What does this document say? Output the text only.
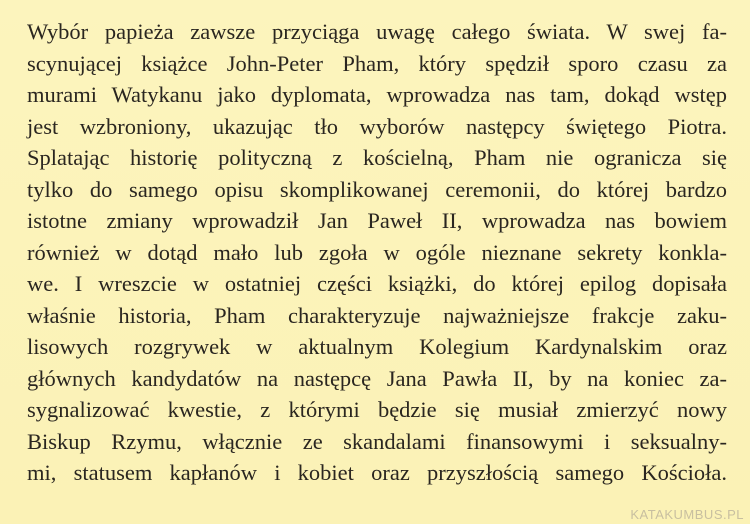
Wybór papieża zawsze przyciąga uwagę całego świata. W swej fa-
scynującej książce John-Peter Pham, który spędził sporo czasu za
murami Watykanu jako dyplomata, wprowadza nas tam, dokąd wstęp
jest wzbroniony, ukazując tło wyborów następcy świętego Piotra.
Splatając historię polityczną z kościelną, Pham nie ogranicza się
tylko do samego opisu skomplikowanej ceremonii, do której bardzo
istotne zmiany wprowadził Jan Paweł II, wprowadza nas bowiem
również w dotąd mało lub zgoła w ogóle nieznane sekrety konkla-
we. I wreszcie w ostatniej części książki, do której epilog dopisała
właśnie historia, Pham charakteryzuje najważniejsze frakcje zaku-
lisowych rozgrywek w aktualnym Kolegium Kardynalskim oraz
głównych kandydatów na następcę Jana Pawła II, by na koniec za-
sygnalizować kwestie, z którymi będzie się musiał zmierzyć nowy
Biskup Rzymu, włącznie ze skandalami finansowymi i seksualny-
mi, statusem kapłanów i kobiet oraz przyszłością samego Kościoła.
KATAKUMBUS.PL
